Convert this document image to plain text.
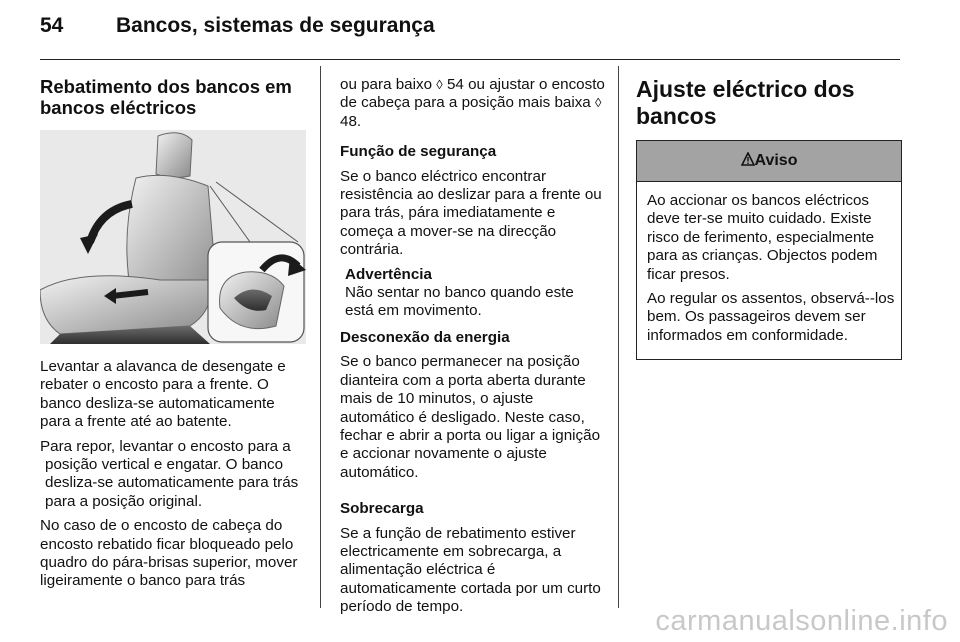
54	Bancos, sistemas de segurança
Rebatimento dos bancos em bancos eléctricos

Levantar a alavanca de desengate e rebater o encosto para a frente. O banco desliza-se automaticamente para a frente até ao batente.

Para repor, levantar o encosto para a
posição vertical e engatar. O banco desliza-se automaticamente para trás para a posição original.

No caso de o encosto de cabeça do encosto rebatido ficar bloqueado pelo quadro do pára-brisas superior, mover ligeiramente o banco para trás

ou para baixo ◊ 54 ou ajustar o encosto de cabeça para a posição mais baixa ◊ 48.

Função de segurança

Se o banco eléctrico encontrar resistência ao deslizar para a frente ou para trás, pára imediatamente e começa a mover-se na direcção contrária.

Advertência
Não sentar no banco quando este está em movimento.

Desconexão da energia

Se o banco permanecer na posição dianteira com a porta aberta durante mais de 10 minutos, o ajuste automático é desligado. Neste caso, fechar e abrir a porta ou ligar a ignição e accionar novamente o ajuste automático.

Sobrecarga

Se a função de rebatimento estiver electricamente em sobrecarga, a alimentação eléctrica é automaticamente cortada por um curto período de tempo.

Ajuste eléctrico dos bancos
Aviso

Ao accionar os bancos eléctricos deve ter-se muito cuidado. Existe risco de ferimento, especialmente para as crianças. Objectos podem ficar presos.

Ao regular os assentos, observá--los bem. Os passageiros devem ser informados em conformidade.

carmanualsonline.info
